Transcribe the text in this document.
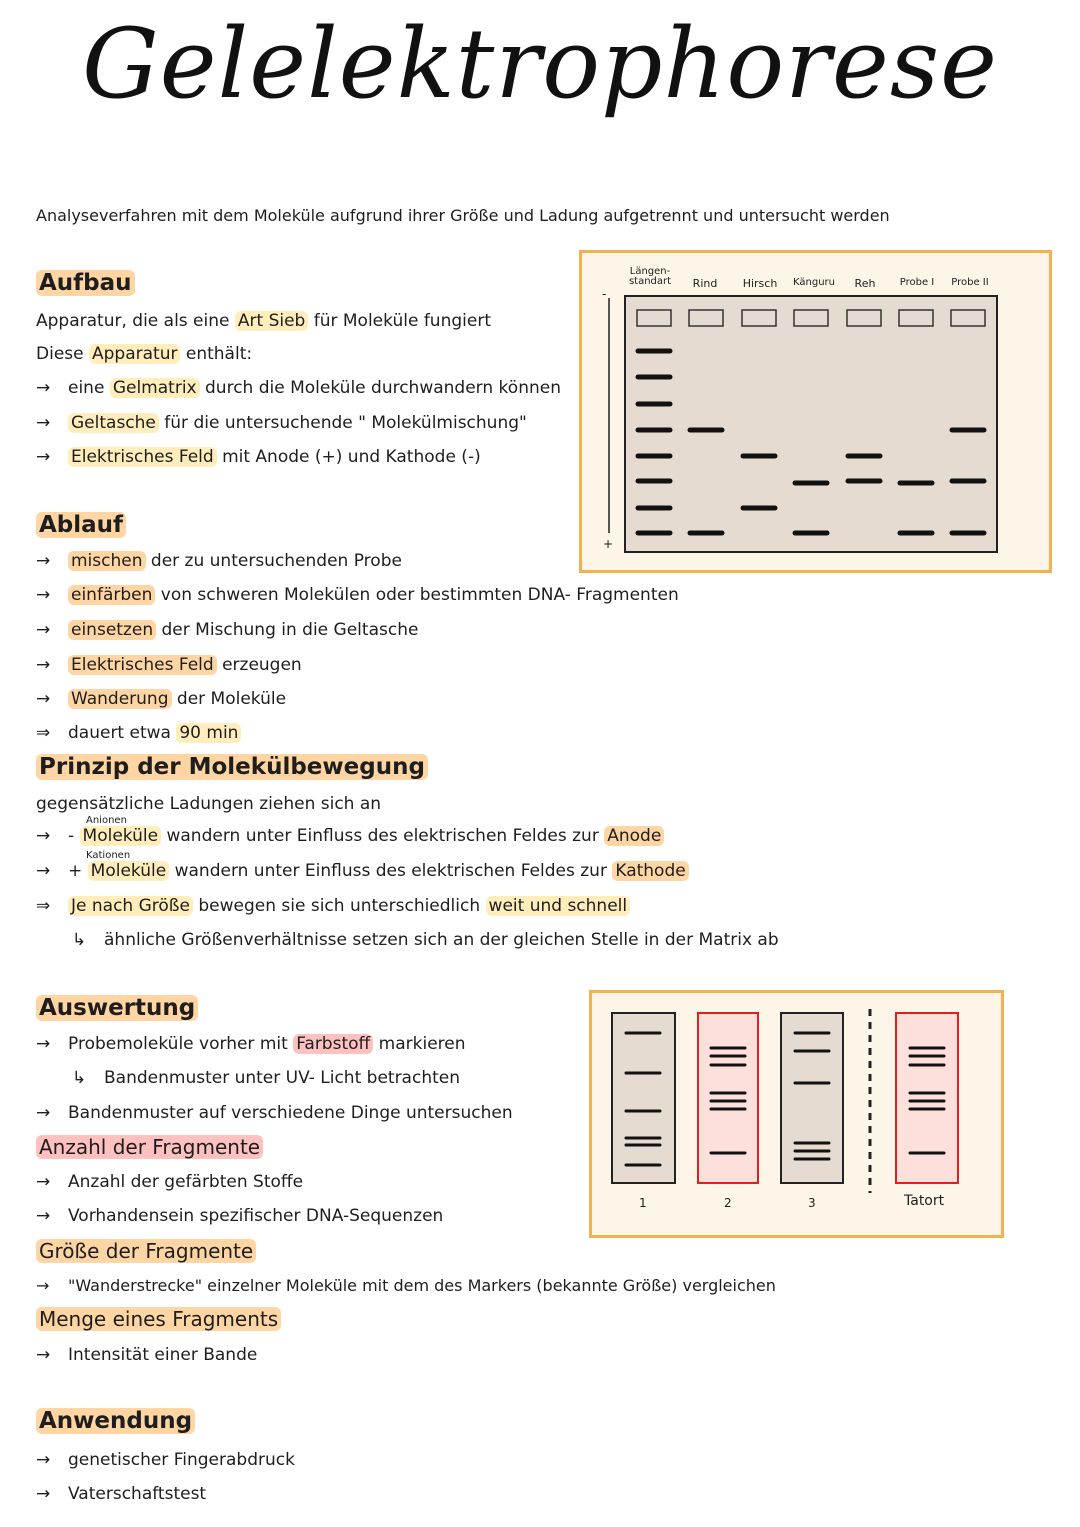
Gelelektrophorese
Analyseverfahren mit dem Moleküle aufgrund ihrer Größe und Ladung aufgetrennt und untersucht werden
Aufbau
Apparatur, die als eine Art Sieb für Moleküle fungiert
Diese Apparatur enthält:
→ eine Gelmatrix durch die Moleküle durchwandern können
→ Geltasche für die untersuchende " Molekülmischung"
→ Elektrisches Feld mit Anode (+) und Kathode (-)
-
+
Längen-standart	Rind	Hirsch	Känguru	Reh	Probe I	Probe II
Ablauf
→ mischen der zu untersuchenden Probe
→ einfärben von schweren Molekülen oder bestimmten DNA- Fragmenten
→ einsetzen der Mischung in die Geltasche
→ Elektrisches Feld erzeugen
→ Wanderung der Moleküle
⇒ dauert etwa 90 min
Prinzip der Molekülbewegung
gegensätzliche Ladungen ziehen sich an
Anionen
→ - Moleküle wandern unter Einfluss des elektrischen Feldes zur Anode
Kationen
→ + Moleküle wandern unter Einfluss des elektrischen Feldes zur Kathode
⇒ Je nach Größe bewegen sie sich unterschiedlich weit und schnell
↳ ähnliche Größenverhältnisse setzen sich an der gleichen Stelle in der Matrix ab
Auswertung
→ Probemoleküle vorher mit Farbstoff markieren
↳ Bandenmuster unter UV- Licht betrachten
→ Bandenmuster auf verschiedene Dinge untersuchen
Anzahl der Fragmente
→ Anzahl der gefärbten Stoffe
→ Vorhandensein spezifischer DNA-Sequenzen
Größe der Fragmente
→ "Wanderstrecke" einzelner Moleküle mit dem des Markers (bekannte Größe) vergleichen
Menge eines Fragments
→ Intensität einer Bande
1	2	3	Tatort
Anwendung
→ genetischer Fingerabdruck
→ Vaterschaftstest
